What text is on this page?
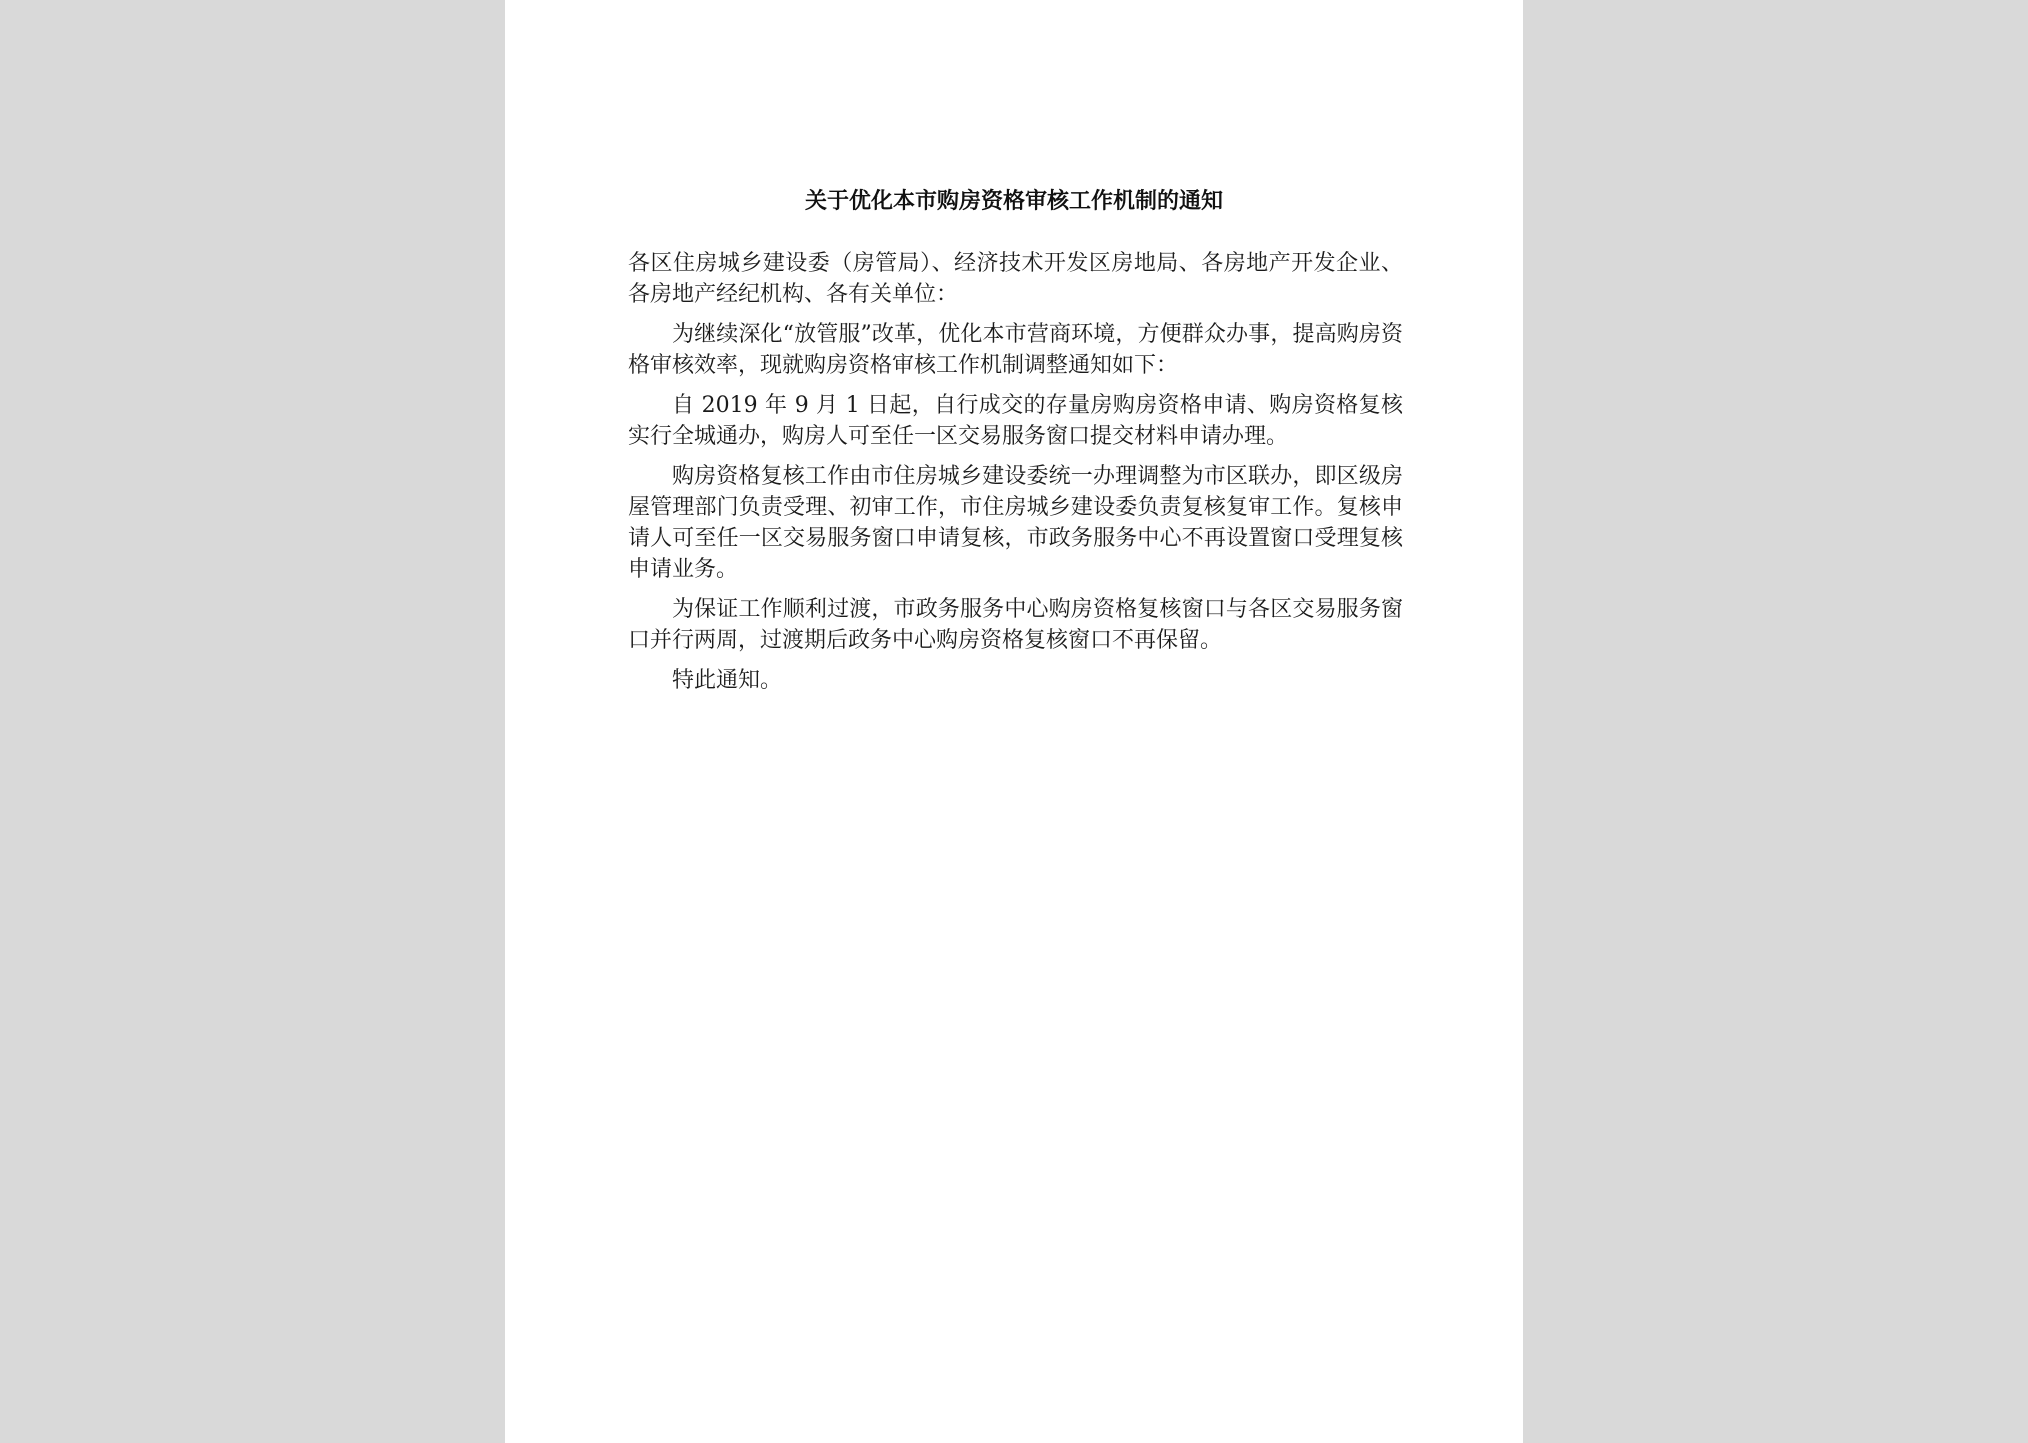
关于优化本市购房资格审核工作机制的通知

各区住房城乡建设委（房管局）、经济技术开发区房地局、各房地产开发企业、各房地产经纪机构、各有关单位：

为继续深化“放管服”改革，优化本市营商环境，方便群众办事，提高购房资格审核效率，现就购房资格审核工作机制调整通知如下：

自 2019 年 9 月 1 日起，自行成交的存量房购房资格申请、购房资格复核实行全城通办，购房人可至任一区交易服务窗口提交材料申请办理。

购房资格复核工作由市住房城乡建设委统一办理调整为市区联办，即区级房屋管理部门负责受理、初审工作，市住房城乡建设委负责复核复审工作。复核申请人可至任一区交易服务窗口申请复核，市政务服务中心不再设置窗口受理复核申请业务。

为保证工作顺利过渡，市政务服务中心购房资格复核窗口与各区交易服务窗口并行两周，过渡期后政务中心购房资格复核窗口不再保留。

特此通知。
